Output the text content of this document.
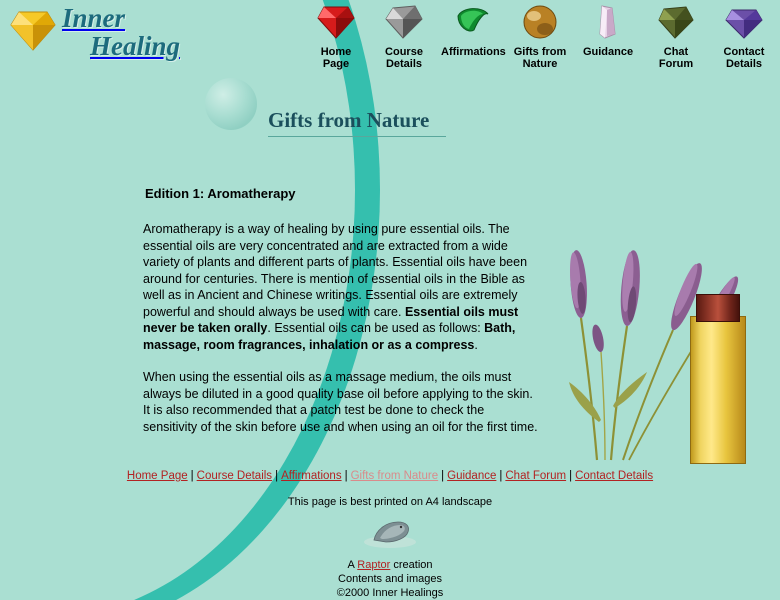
Inner
Healing	Home
Page
Course
Details
Affirmations Gifts from
Nature
Guidance	Chat
Forum
Contact
Details
Gifts from Nature
Edition 1: Aromatherapy

Aromatherapy is a way of healing by using pure essential oils. The essential oils are very concentrated and are extracted from a wide variety of plants and different parts of plants. Essential oils have been around for centuries. There is mention of essential oils in the Bible as well as in Ancient and Chinese writings. Essential oils are extremely powerful and should always be used with care. Essential oils must never be taken orally. Essential oils can be used as follows: Bath, massage, room fragrances, inhalation or as a compress.

When using the essential oils as a massage medium, the oils must always be diluted in a good quality base oil before applying to the skin. It is also recommended that a patch test be done to check the sensitivity of the skin before use and when using an oil for the first time.

Home Page | Course Details | Affirmations | Gifts from Nature | Guidance | Chat Forum | Contact Details
This page is best printed on A4 landscape
A Raptor creation
Contents and images
©2000 Inner Healings
